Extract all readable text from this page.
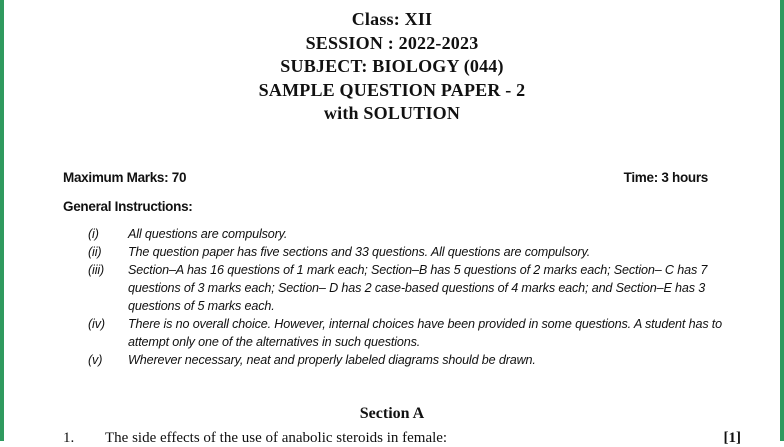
Class: XII
SESSION : 2022-2023
SUBJECT: BIOLOGY (044)
SAMPLE QUESTION PAPER - 2
with SOLUTION
Maximum Marks: 70	Time: 3 hours
General Instructions:
(i)	All questions are compulsory.
(ii)	The question paper has five sections and 33 questions. All questions are compulsory.
(iii)	Section–A has 16 questions of 1 mark each; Section–B has 5 questions of 2 marks each; Section– C has 7 questions of 3 marks each; Section– D has 2 case-based questions of 4 marks each; and Section–E has 3 questions of 5 marks each.
(iv)	There is no overall choice. However, internal choices have been provided in some questions. A student has to attempt only one of the alternatives in such questions.
(v)	Wherever necessary, neat and properly labeled diagrams should be drawn.
Section A
1.	The side effects of the use of anabolic steroids in female:	[1]
